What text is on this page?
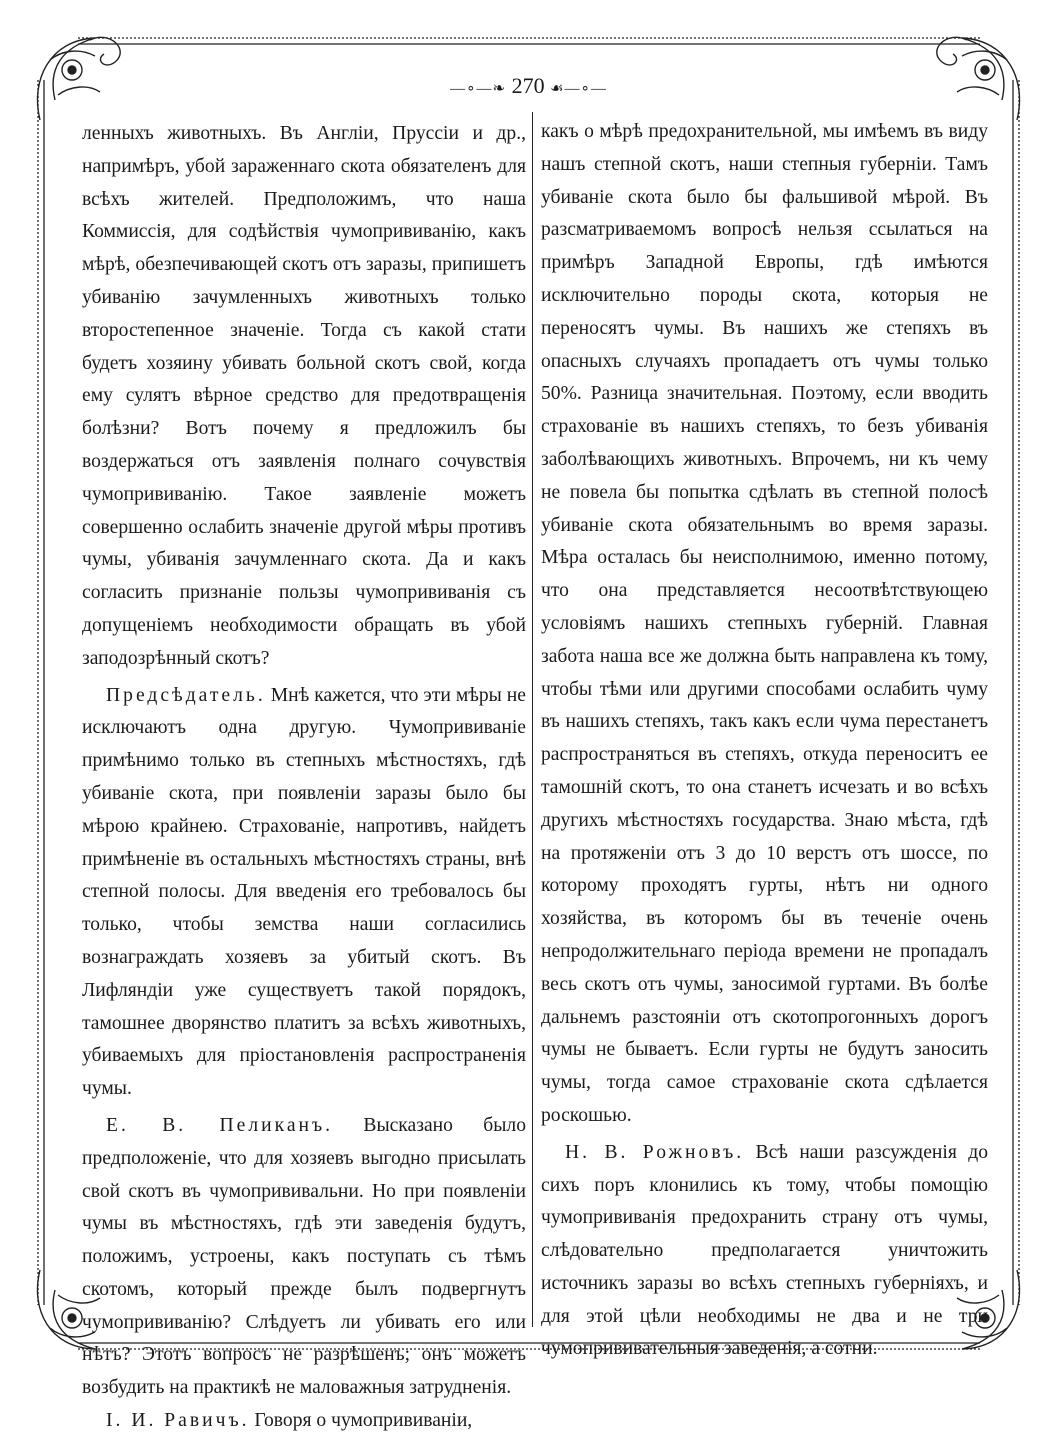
—∘—❧ 270 ☙—∘—

ленныхъ животныхъ. Въ Англіи, Пруссіи и др., напримѣръ, убой зараженнаго скота обязателенъ для всѣхъ жителей. Предположимъ, что наша Коммиссія, для содѣйствія чумопрививанію, какъ мѣрѣ, обезпечивающей скотъ отъ заразы, припишетъ убиванію зачумленныхъ животныхъ только второстепенное значеніе. Тогда съ какой стати будетъ хозяину убивать больной скотъ свой, когда ему сулятъ вѣрное средство для предотвращенія болѣзни? Вотъ почему я предложилъ бы воздержаться отъ заявленія полнаго сочувствія чумопрививанію. Такое заявленіе можетъ совершенно ослабить значеніе другой мѣры противъ чумы, убиванія зачумленнаго скота. Да и какъ согласить признаніе пользы чумопрививанія съ допущеніемъ необходимости обращать въ убой заподозрѣнный скотъ?

Предсѣдатель. Мнѣ кажется, что эти мѣры не исключаютъ одна другую. Чумопрививаніе примѣнимо только въ степныхъ мѣстностяхъ, гдѣ убиваніе скота, при появленіи заразы было бы мѣрою крайнею. Страхованіе, напротивъ, найдетъ примѣненіе въ остальныхъ мѣстностяхъ страны, внѣ степной полосы. Для введенія его требовалось бы только, чтобы земства наши согласились вознаграждать хозяевъ за убитый скотъ. Въ Лифляндіи уже существуетъ такой порядокъ, тамошнее дворянство платитъ за всѣхъ животныхъ, убиваемыхъ для пріостановленія распространенія чумы.

Е. В. Пеликанъ. Высказано было предположеніе, что для хозяевъ выгодно присылать свой скотъ въ чумопрививальни. Но при появленіи чумы въ мѣстностяхъ, гдѣ эти заведенія будутъ, положимъ, устроены, какъ поступать съ тѣмъ скотомъ, который прежде былъ подвергнутъ чумопрививанію? Слѣдуетъ ли убивать его или нѣтъ? Этотъ вопросъ не разрѣшенъ; онъ можетъ возбудить на практикѣ не маловажныя затрудненія.

І. И. Равичъ. Говоря о чумопрививаніи,

какъ о мѣрѣ предохранительной, мы имѣемъ въ виду нашъ степной скотъ, наши степныя губерніи. Тамъ убиваніе скота было бы фальшивой мѣрой. Въ разсматриваемомъ вопросѣ нельзя ссылаться на примѣръ Западной Европы, гдѣ имѣются исключительно породы скота, которыя не переносятъ чумы. Въ нашихъ же степяхъ въ опасныхъ случаяхъ пропадаетъ отъ чумы только 50%. Разница значительная. Поэтому, если вводить страхованіе въ нашихъ степяхъ, то безъ убиванія заболѣвающихъ животныхъ. Впрочемъ, ни къ чему не повела бы попытка сдѣлать въ степной полосѣ убиваніе скота обязательнымъ во время заразы. Мѣра осталась бы неисполнимою, именно потому, что она представляется несоотвѣтствующею условіямъ нашихъ степныхъ губерній. Главная забота наша все же должна быть направлена къ тому, чтобы тѣми или другими способами ослабить чуму въ нашихъ степяхъ, такъ какъ если чума перестанетъ распространяться въ степяхъ, откуда переноситъ ее тамошній скотъ, то она станетъ исчезать и во всѣхъ другихъ мѣстностяхъ государства. Знаю мѣста, гдѣ на протяженіи отъ 3 до 10 верстъ отъ шоссе, по которому проходятъ гурты, нѣтъ ни одного хозяйства, въ которомъ бы въ теченіе очень непродолжительнаго періода времени не пропадалъ весь скотъ отъ чумы, заносимой гуртами. Въ болѣе дальнемъ разстояніи отъ скотопрогонныхъ дорогъ чумы не бываетъ. Если гурты не будутъ заносить чумы, тогда самое страхованіе скота сдѣлается роскошью.

Н. В. Рожновъ. Всѣ наши разсужденія до сихъ поръ клонились къ тому, чтобы помощію чумопрививанія предохранить страну отъ чумы, слѣдовательно предполагается уничтожить источникъ заразы во всѣхъ степныхъ губерніяхъ, и для этой цѣли необходимы не два и не три чумопрививательныя заведенія, а сотни.
